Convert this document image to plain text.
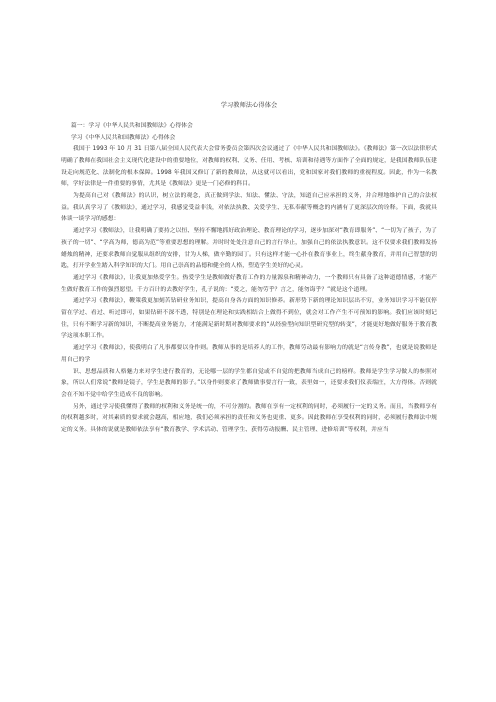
学习教师法心得体会

篇一：学习《中华人民共和国教师法》心得体会

学习《中华人民共和国教师法》心得体会

我国于 1993 年 10 月 31 日第八届全国人民代表大会常务委员会第四次会议通过了《中华人民共和国教师法》。《教师法》第一次以法律形式明确了教师在我国社会主义现代化建设中的重要地位，对教师的权利、义务、任用、考核、培训和待遇等方面作了全面的规定，是我国教师队伍建设走向规范化、法制化的根本保障。1998 年我国又修订了新的教师法，从这就可以看出，党和国家对我们教师的重视程度。因此，作为一名教师，学好法律是一件重要的事情，尤其是《教师法》更是一门必修的科目。

为提高自己对《教师法》的认识，树立法的观念，真正做到学法、知法、懂法、守法，知道自己应承担的义务，并合理地维护自己的合法权益。我认真学习了《教师法》，通过学习，我感觉受益非浅，对依法执教、关爱学生、无私奉献等概念的内涵有了更深层次的诠释。下面，我就具体谈一谈学习的感想：

通过学习《教师法》，让我明确了要持之以恒、坚持不懈地抓好政治理论、教育理论的学习，逐步加深对“教育即服务”、“一切为了孩子，为了孩子的一切”、“学高为师，德高为范”等重要思想的理解。并时时处处注意自己的言行举止，加强自己的依法执教意识。这不仅要求我们教师发扬蜡烛的精神，还要求教师自觉服从组织的安排，甘为人梯，做辛勤的园丁。只有这样才能一心扑在教育事业上，终生献身教育，并用自己智慧的钥匙，打开学业生踏入科学知识的大门。用自己崇高的品德和健全的人格，塑造学生美好的心灵。

通过学习《教师法》，让我更加热爱学生。热爱学生是教师做好教育工作的力量源泉和精神动力，一个教师只有具备了这种道德情感，才能产生做好教育工作的强烈愿望。千方百计的去教好学生，孔子说的：“爱之，能勿劳乎？言之，能勿诲乎？”就是这个道理。

通过学习《教师法》，鞭策我更加刻苦钻研业务知识，提高自身各方面的知识修养。新形势下新的理论知识层出不穷，业务知识学习不能仅停留在学过、看过、听过即可，如果钻研不深不透，特别是在理论和实践相结合上做得不到位，就会对工作产生不可预知的影响。我们应该时刻记住，只有不断学习新的知识，不断提高业务能力，才能满足新时期对教师要求的“从经验型向知识型研究型的转变”，才能更好地做好服务于教育教学这项本职工作。

通过学习《教师法》，使我明白了凡事都要以身作则。教师从事的是培养人的工作，教师劳动最有影响力的就是“言传身教”，也就是说教师是用自己的学

识、思想品质和人格魅力来对学生进行教育的，无论哪一层的学生都自觉或不自觉的把教师当成自己的榜样。教师是学生学习做人的参照对象，所以人们常说“教师是镜子，学生是教师的影子。”以身作则要求了教师做事要言行一致，表里如一，还要求我们仪表端庄，大方得体。否则就会在不知不觉中给学生造成不良的影响。

另外，通过学习使我懂得了教师的权利和义务是统一的，不可分割的。教师在享有一定权利的同时，必须履行一定的义务。而且，当教师享有的权利越多时，对其素质的要求就会越高，相应地，我们必须承担的责任和义务也更重、更多。因此教师在享受权利的同时，必须履行教师法中规定的义务。具体的说就是教师依法享有“教育教学、学术活动、管理学生、获得劳动报酬、民主管理、进修培训”等权利，并应当
